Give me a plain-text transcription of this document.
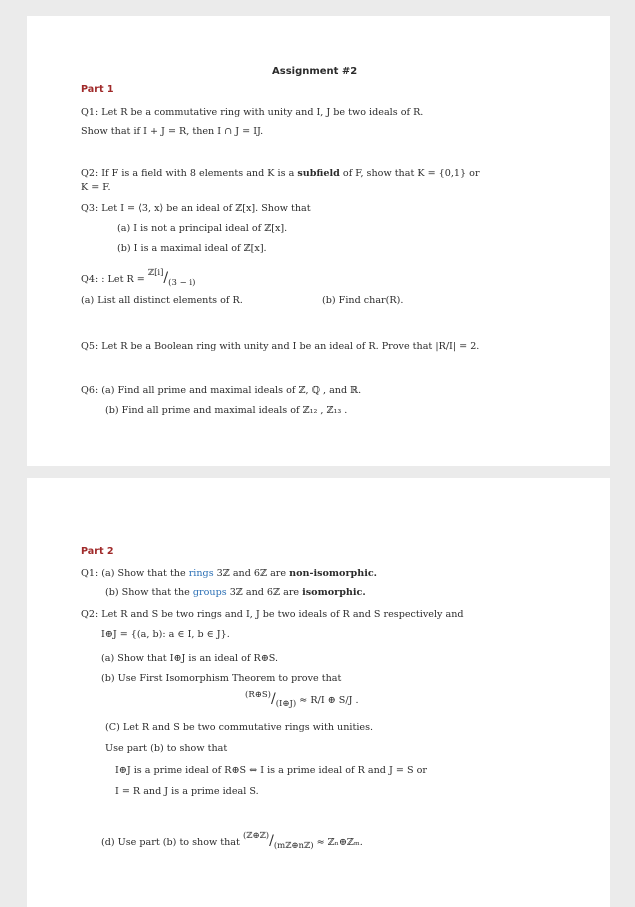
Assignment #2
Part 1
Q1: Let R be a commutative ring with unity and I, J be two ideals of R.
Show that if I + J = R, then I ∩ J = IJ.
Q2: If F is a field with 8 elements and K is a subfield of F, show that K = {0,1} or
K = F.
Q3: Let I = ⟨3, x⟩ be an ideal of ℤ[x]. Show that
(a) I is not a principal ideal of ℤ[x].
(b) I is a maximal ideal of ℤ[x].
Q4: : Let $R = ^{ℤ[i]}/_{(3 - i)}$
(a) List all distinct elements of R.	(b) Find char(R).
Q5: Let R be a Boolean ring with unity and I be an ideal of R. Prove that |R/I| = 2.
Q6: (a) Find all prime and maximal ideals of ℤ, ℚ , and ℝ.
(b) Find all prime and maximal ideals of ℤ₁₂ , ℤ₁₃ .
Part 2
Q1: (a) Show that the rings 3ℤ and 6ℤ are non-isomorphic.
(b) Show that the groups 3ℤ and 6ℤ are isomorphic.
Q2: Let R and S be two rings and I, J be two ideals of R and S respectively and
I⊕J = {(a, b): a ∈ I, b ∈ J}.
(a) Show that I⊕J is an ideal of R⊕S.
(b) Use First Isomorphism Theorem to prove that
$^{(R\oplus S)}/_{(I\oplus J)} \approx R/I$ ⊕ S/J .
(C) Let R and S be two commutative rings with unities.
Use part (b) to show that
I⊕J is a prime ideal of R⊕S ⇔ I is a prime ideal of R and J = S or
I = R and J is a prime ideal S.
(d) Use part (b) to show that $^{(ℤ\oplus ℤ)}/_{(mℤ\oplus nℤ)}$ ≈ ℤₙ⊕ℤₘ.
